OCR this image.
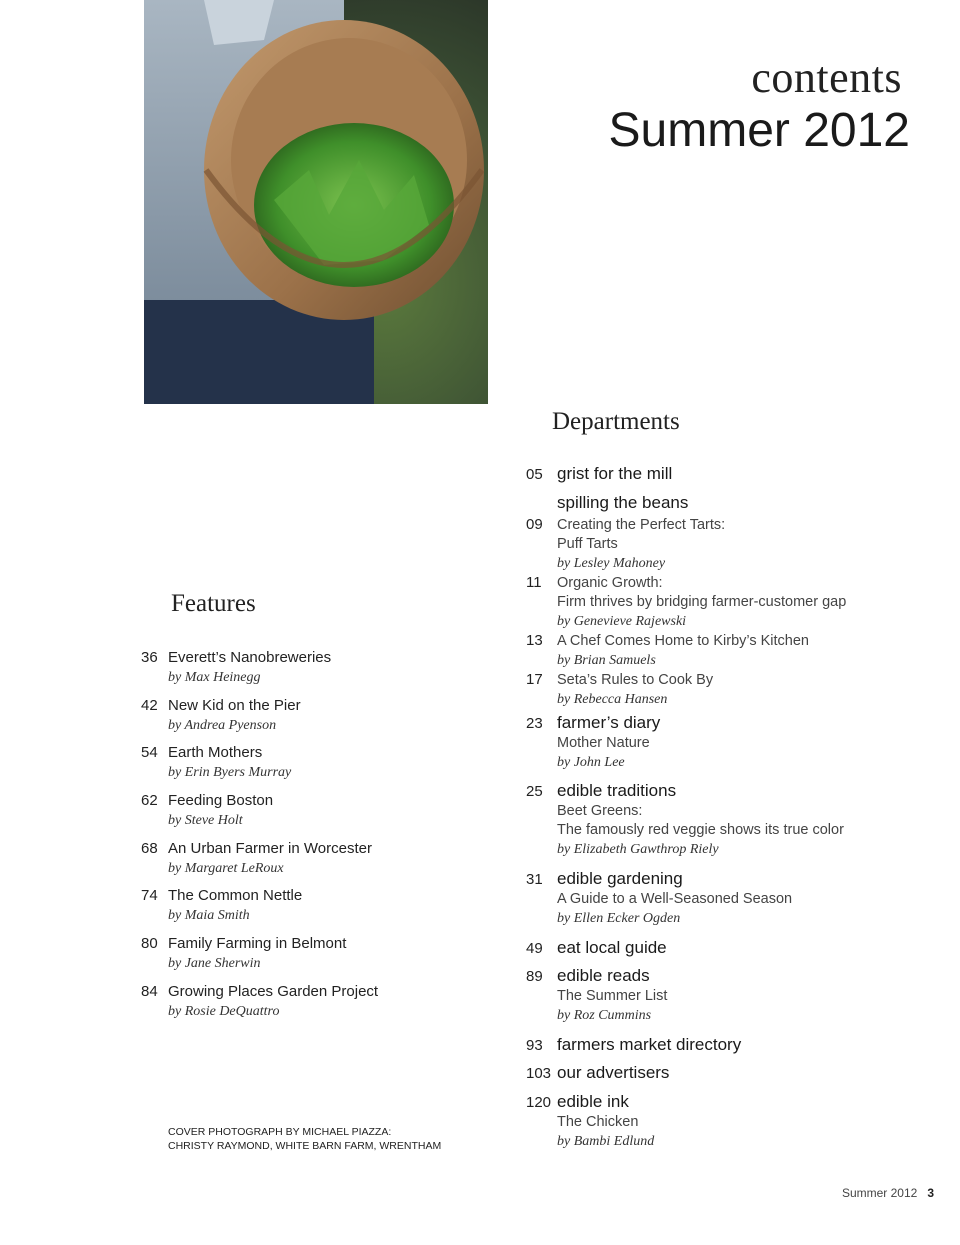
contents
Summer 2012
Features
36 Everett’s Nanobreweries
by Max Heinegg
42 New Kid on the Pier
by Andrea Pyenson
54 Earth Mothers
by Erin Byers Murray
62 Feeding Boston
by Steve Holt
68 An Urban Farmer in Worcester
by Margaret LeRoux
74 The Common Nettle
by Maia Smith
80 Family Farming in Belmont
by Jane Sherwin
84 Growing Places Garden Project
by Rosie DeQuattro
COVER PHOTOGRAPH BY MICHAEL PIAZZA:
CHRISTY RAYMOND, WHITE BARN FARM, WRENTHAM
Departments
05 grist for the mill
spilling the beans
09 Creating the Perfect Tarts:
Puff Tarts
by Lesley Mahoney
11 Organic Growth:
Firm thrives by bridging farmer-customer gap
by Genevieve Rajewski
13 A Chef Comes Home to Kirby’s Kitchen
by Brian Samuels
17 Seta’s Rules to Cook By
by Rebecca Hansen
23 farmer’s diary
Mother Nature
by John Lee
25 edible traditions
Beet Greens:
The famously red veggie shows its true color
by Elizabeth Gawthrop Riely
31 edible gardening
A Guide to a Well-Seasoned Season
by Ellen Ecker Ogden
49 eat local guide
89 edible reads
The Summer List
by Roz Cummins
93 farmers market directory
103 our advertisers
120 edible ink
The Chicken
by Bambi Edlund
Summer 2012 3
